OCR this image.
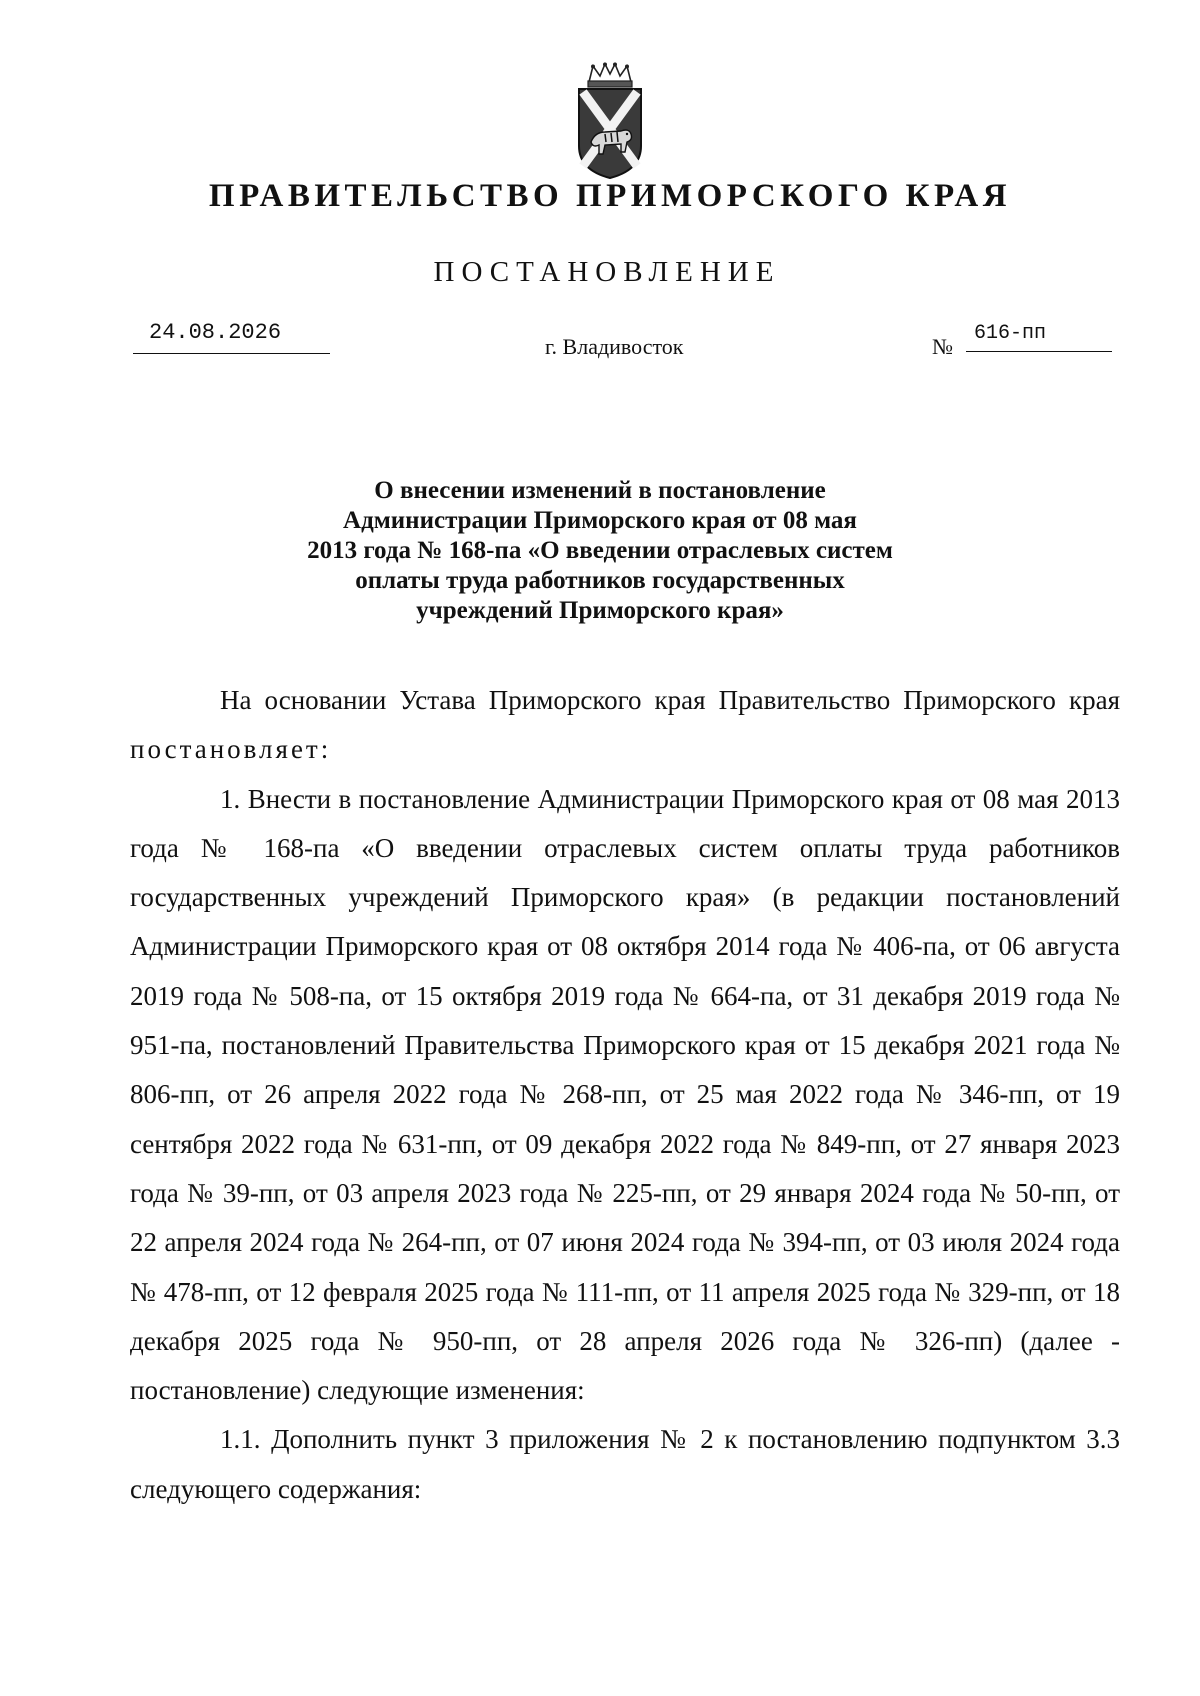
ПРАВИТЕЛЬСТВО ПРИМОРСКОГО КРАЯ
ПОСТАНОВЛЕНИЕ
24.08.2026
г. Владивосток	№
616-пп
О внесении изменений в постановление
Администрации Приморского края от 08 мая
2013 года № 168-па «О введении отраслевых систем
оплаты труда работников государственных
учреждений Приморского края»

На основании Устава Приморского края Правительство Приморского края постановляет:

1. Внести в постановление Администрации Приморского края от 08 мая 2013 года № 168-па «О введении отраслевых систем оплаты труда работников государственных учреждений Приморского края» (в редакции постановлений Администрации Приморского края от 08 октября 2014 года № 406-па, от 06 августа 2019 года № 508-па, от 15 октября 2019 года № 664-па, от 31 декабря 2019 года № 951-па, постановлений Правительства Приморского края от 15 декабря 2021 года № 806-пп, от 26 апреля 2022 года № 268-пп, от 25 мая 2022 года № 346-пп, от 19 сентября 2022 года № 631-пп, от 09 декабря 2022 года № 849-пп, от 27 января 2023 года № 39-пп, от 03 апреля 2023 года № 225-пп, от 29 января 2024 года № 50-пп, от 22 апреля 2024 года № 264-пп, от 07 июня 2024 года № 394-пп, от 03 июля 2024 года № 478-пп, от 12 февраля 2025 года № 111-пп, от 11 апреля 2025 года № 329-пп, от 18 декабря 2025 года № 950-пп, от 28 апреля 2026 года № 326-пп) (далее - постановление) следующие изменения:

1.1. Дополнить пункт 3 приложения № 2 к постановлению подпунктом 3.3 следующего содержания:
